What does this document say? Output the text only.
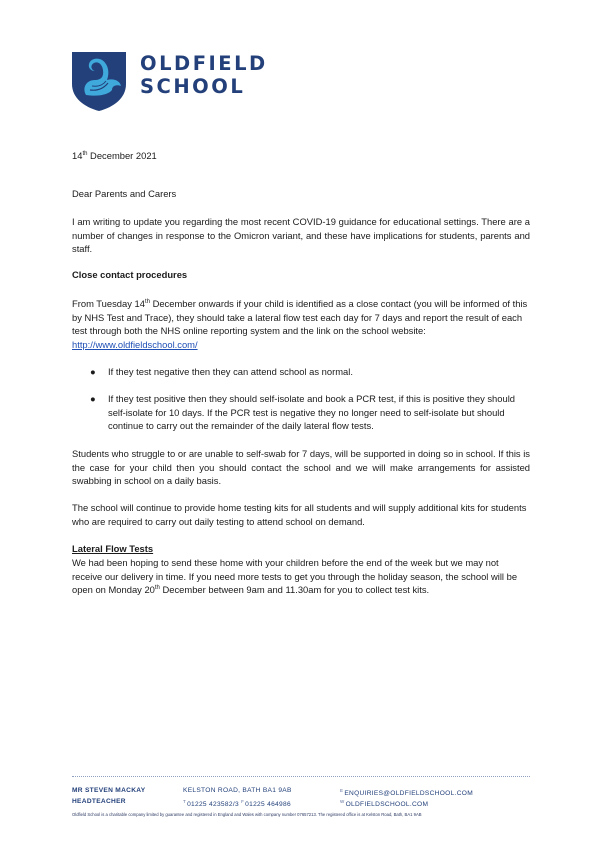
OLDFIELD
SCHOOL
14th December 2021
Dear Parents and Carers
I am writing to update you regarding the most recent COVID-19 guidance for educational settings. There are a number of changes in response to the Omicron variant, and these have implications for students, parents and staff.
Close contact procedures
From Tuesday 14th December onwards if your child is identified as a close contact (you will be informed of this by NHS Test and Trace), they should take a lateral flow test each day for 7 days and report the result of each test through both the NHS online reporting system and the link on the school website: http://www.oldfieldschool.com/
● If they test negative then they can attend school as normal.
● If they test positive then they should self-isolate and book a PCR test, if this is positive they should self-isolate for 10 days. If the PCR test is negative they no longer need to self-isolate but should continue to carry out the remainder of the daily lateral flow tests.
Students who struggle to or are unable to self-swab for 7 days, will be supported in doing so in school. If this is the case for your child then you should contact the school and we will make arrangements for assisted swabbing in school on a daily basis.
The school will continue to provide home testing kits for all students and will supply additional kits for students who are required to carry out daily testing to attend school on demand.
Lateral Flow Tests
We had been hoping to send these home with your children before the end of the week but we may not receive our delivery in time. If you need more tests to get you through the holiday season, the school will be open on Monday 20th December between 9am and 11.30am for you to collect test kits.
MR STEVEN MACKAY
HEADTEACHER
KELSTON ROAD, BATH BA1 9AB
$^T$01225 423582/3 $^F$01225 464986
$^E$ENQUIRIES@OLDFIELDSCHOOL.COM
$^W$OLDFIELDSCHOOL.COM
Oldfield School is a charitable company limited by guarantee and registered in England and Wales with company number 07657213. The registered office is at Kelston Road, Bath, BA1 9AB
